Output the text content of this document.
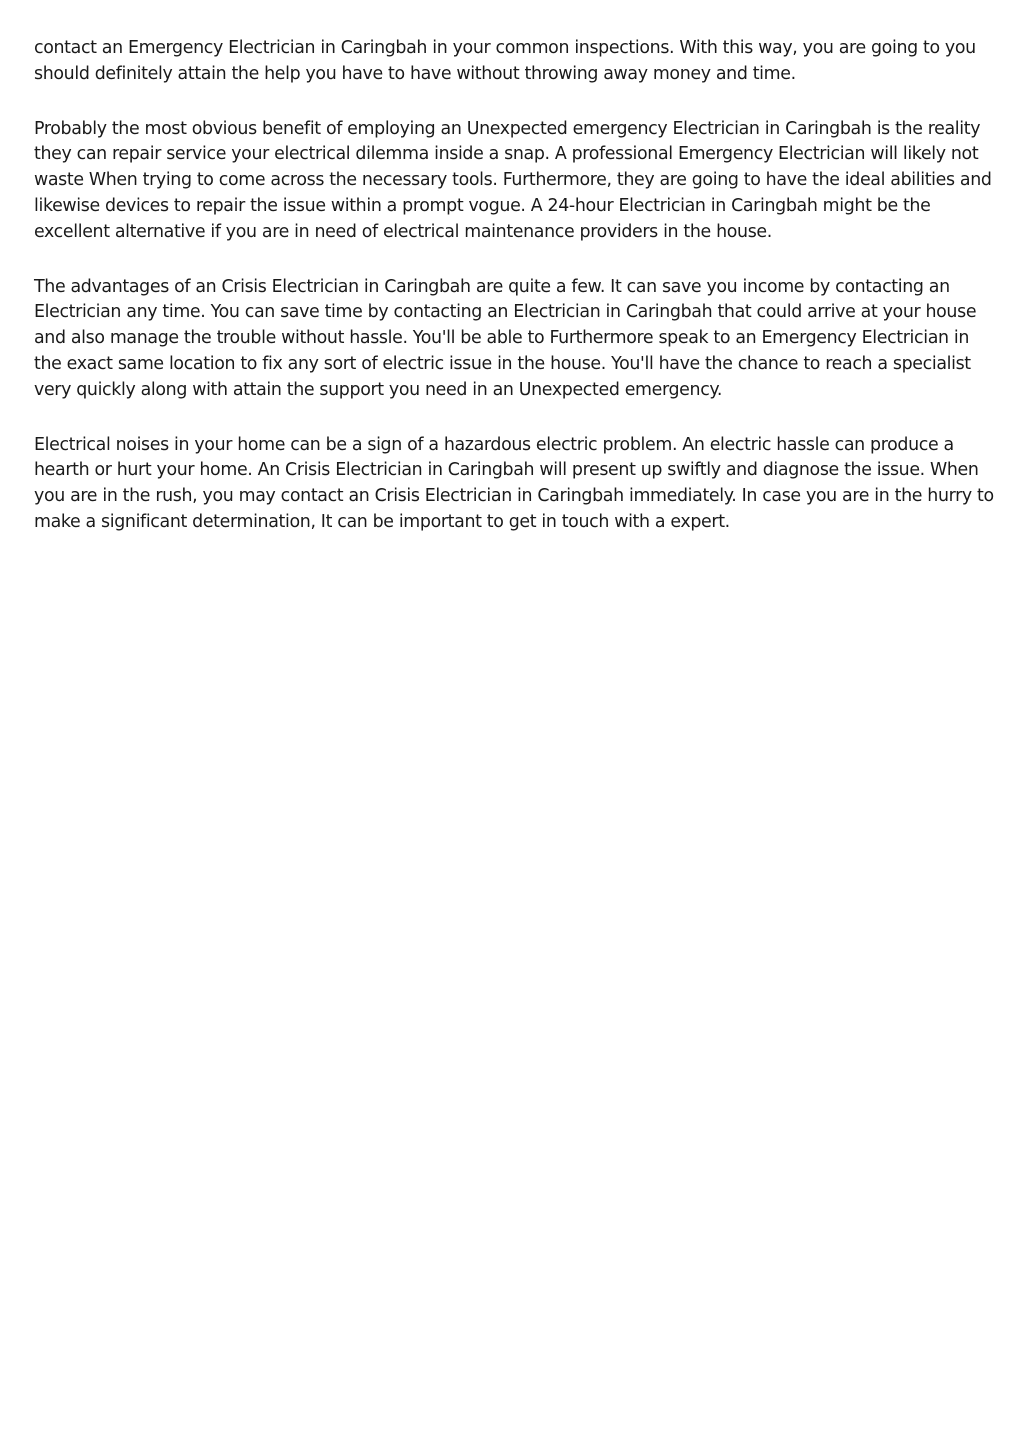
contact an Emergency Electrician in Caringbah in your common inspections. With this way, you are going to you

should definitely attain the help you have to have without throwing away money and time.

Probably the most obvious benefit of employing an Unexpected emergency Electrician in Caringbah is the reality

they can repair service your electrical dilemma inside a snap. A professional Emergency Electrician will likely not

waste When trying to come across the necessary tools. Furthermore, they are going to have the ideal abilities and

likewise devices to repair the issue within a prompt vogue. A 24-hour Electrician in Caringbah might be the

excellent alternative if you are in need of electrical maintenance providers in the house.

The advantages of an Crisis Electrician in Caringbah are quite a few. It can save you income by contacting an

Electrician any time. You can save time by contacting an Electrician in Caringbah that could arrive at your house

and also manage the trouble without hassle. You'll be able to Furthermore speak to an Emergency Electrician in

the exact same location to fix any sort of electric issue in the house. You'll have the chance to reach a specialist

very quickly along with attain the support you need in an Unexpected emergency.

Electrical noises in your home can be a sign of a hazardous electric problem. An electric hassle can produce a

hearth or hurt your home. An Crisis Electrician in Caringbah will present up swiftly and diagnose the issue. When

you are in the rush, you may contact an Crisis Electrician in Caringbah immediately. In case you are in the hurry to

make a significant determination, It can be important to get in touch with a expert.
